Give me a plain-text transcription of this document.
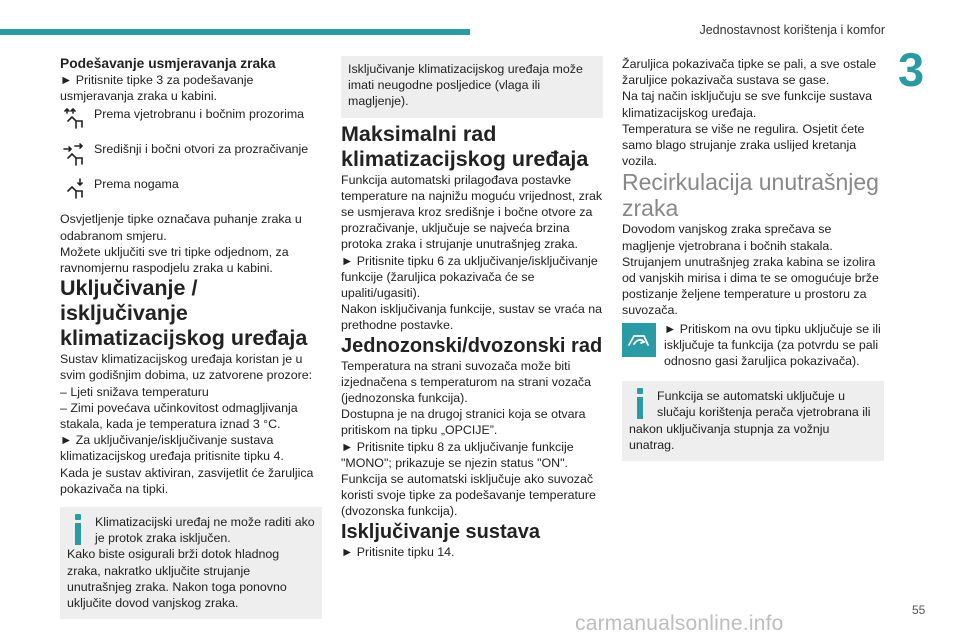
Jednostavnost korištenja i komfor
3

Podešavanje usmjeravanja zraka

► Pritisnite tipke 3 za podešavanje usmjeravanja zraka u kabini.

Prema vjetrobranu i bočnim prozorima
Središnji i bočni otvori za prozračivanje
Prema nogama

Osvjetljenje tipke označava puhanje zraka u odabranom smjeru.

Možete uključiti sve tri tipke odjednom, za ravnomjernu raspodjelu zraka u kabini.

Uključivanje / isključivanje klimatizacijskog uređaja

Sustav klimatizacijskog uređaja koristan je u svim godišnjim dobima, uz zatvorene prozore:

– Ljeti snižava temperaturu

– Zimi povećava učinkovitost odmagljivanja stakala, kada je temperatura iznad 3 °C.

► Za uključivanje/isključivanje sustava klimatizacijskog uređaja pritisnite tipku 4.

Kada je sustav aktiviran, zasvijetlit će žaruljica pokazivača na tipki.

Klimatizacijski uređaj ne može raditi ako je protok zraka isključen.

Kako biste osigurali brži dotok hladnog zraka, nakratko uključite strujanje unutrašnjeg zraka. Nakon toga ponovno uključite dovod vanjskog zraka.

Isključivanje klimatizacijskog uređaja može imati neugodne posljedice (vlaga ili magljenje).

Maksimalni rad klimatizacijskog uređaja

Funkcija automatski prilagođava postavke temperature na najnižu moguću vrijednost, zrak se usmjerava kroz središnje i bočne otvore za prozračivanje, uključuje se najveća brzina protoka zraka i strujanje unutrašnjeg zraka.

► Pritisnite tipku 6 za uključivanje/isključivanje funkcije (žaruljica pokazivača će se upaliti/ugasiti).

Nakon isključivanja funkcije, sustav se vraća na prethodne postavke.

Jednozonski/dvozonski rad

Temperatura na strani suvozača može biti izjednačena s temperaturom na strani vozača (jednozonska funkcija).

Dostupna je na drugoj stranici koja se otvara pritiskom na tipku „OPCIJE”.

► Pritisnite tipku 8 za uključivanje funkcije "MONO"; prikazuje se njezin status "ON".

Funkcija se automatski isključuje ako suvozač koristi svoje tipke za podešavanje temperature (dvozonska funkcija).

Isključivanje sustava

► Pritisnite tipku 14.

Žaruljica pokazivača tipke se pali, a sve ostale žaruljice pokazivača sustava se gase.

Na taj način isključuju se sve funkcije sustava klimatizacijskog uređaja.

Temperatura se više ne regulira. Osjetit ćete samo blago strujanje zraka uslijed kretanja vozila.

Recirkulacija unutrašnjeg zraka

Dovodom vanjskog zraka sprečava se magljenje vjetrobrana i bočnih stakala.

Strujanjem unutrašnjeg zraka kabina se izolira od vanjskih mirisa i dima te se omogućuje brže postizanje željene temperature u prostoru za suvozača.

► Pritiskom na ovu tipku uključuje se ili isključuje ta funkcija (za potvrdu se pali odnosno gasi žaruljica pokazivača).

Funkcija se automatski uključuje u slučaju korištenja perača vjetrobrana ili nakon uključivanja stupnja za vožnju unatrag.

55
carmanualsonline.info
